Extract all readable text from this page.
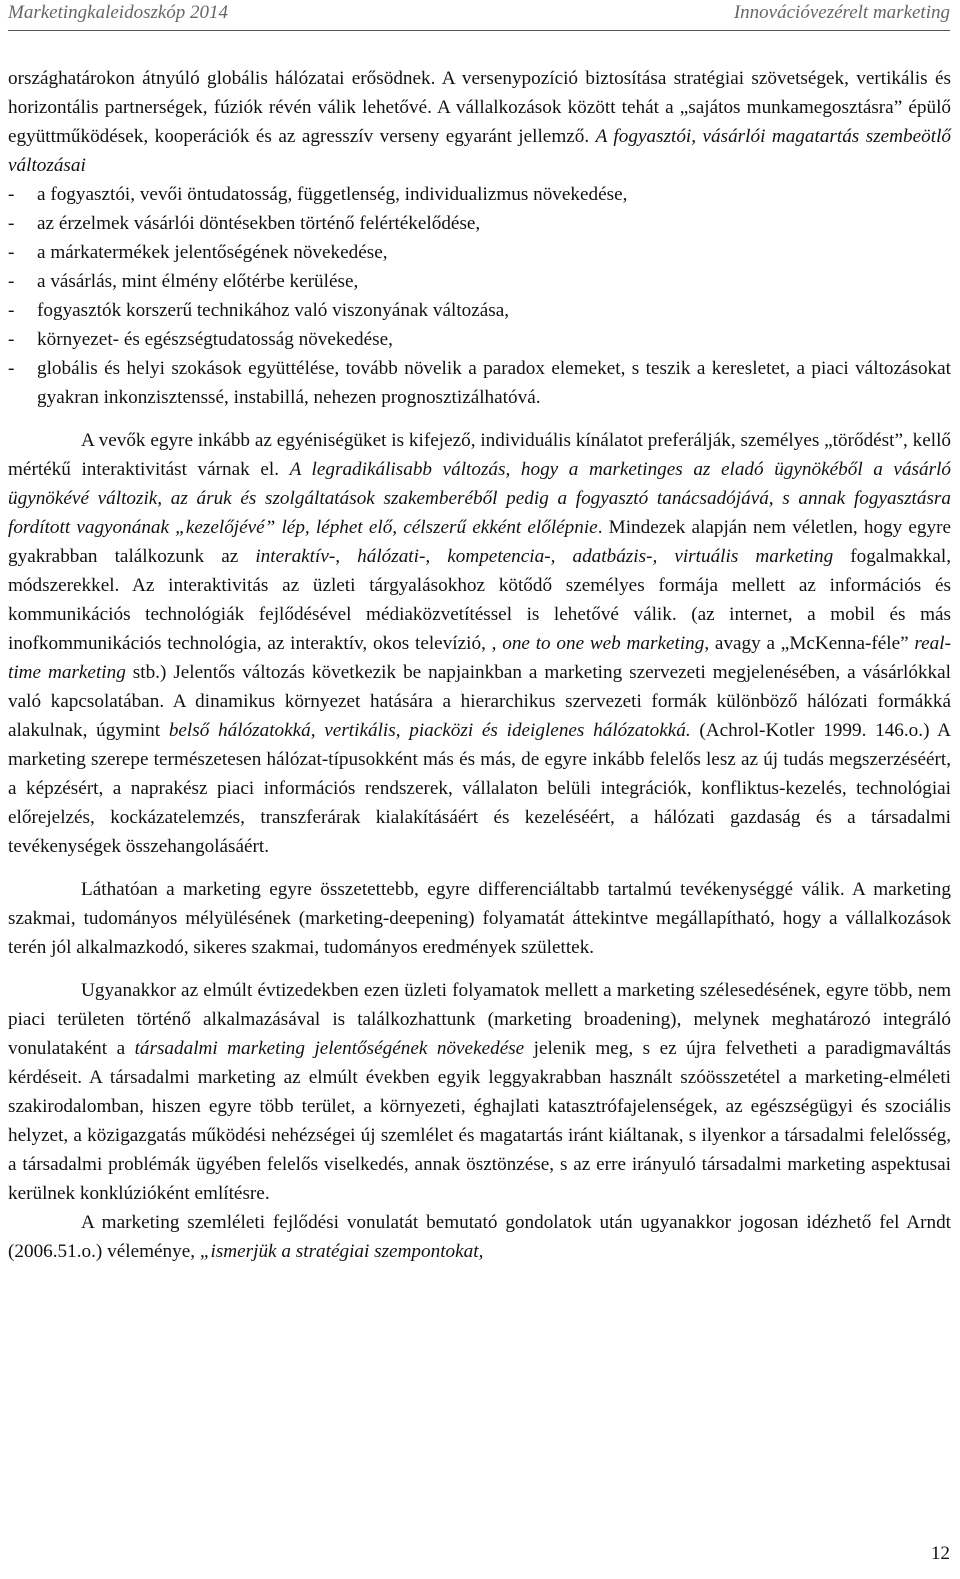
Marketingkaleidoszkóp 2014	Innovációvezérelt marketing

országhatárokon átnyúló globális hálózatai erősödnek. A versenypozíció biztosítása stratégiai szövetségek, vertikális és horizontális partnerségek, fúziók révén válik lehetővé. A vállalkozások között tehát a „sajátos munkamegosztásra” épülő együttműködések, kooperációk és az agresszív verseny egyaránt jellemző. A fogyasztói, vásárlói magatartás szembeötlő változásai

- a fogyasztói, vevői öntudatosság, függetlenség, individualizmus növekedése,
- az érzelmek vásárlói döntésekben történő felértékelődése,
- a márkatermékek jelentőségének növekedése,
- a vásárlás, mint élmény előtérbe kerülése,
- fogyasztók korszerű technikához való viszonyának változása,
- környezet- és egészségtudatosság növekedése,
- globális és helyi szokások együttélése, tovább növelik a paradox elemeket, s teszik a keresletet, a piaci változásokat gyakran inkonzisztenssé, instabillá, nehezen prognosztizálhatóvá.

A vevők egyre inkább az egyéniségüket is kifejező, individuális kínálatot preferálják, személyes „törődést”, kellő mértékű interaktivitást várnak el. A legradikálisabb változás, hogy a marketinges az eladó ügynökéből a vásárló ügynökévé változik, az áruk és szolgáltatások szakemberéből pedig a fogyasztó tanácsadójává, s annak fogyasztásra fordított vagyonának „kezelőjévé” lép, léphet elő, célszerű ekként előlépnie. Mindezek alapján nem véletlen, hogy egyre gyakrabban találkozunk az interaktív-, hálózati-, kompetencia-, adatbázis-, virtuális marketing fogalmakkal, módszerekkel. Az interaktivitás az üzleti tárgyalásokhoz kötődő személyes formája mellett az információs és kommunikációs technológiák fejlődésével médiaközvetítéssel is lehetővé válik. (az internet, a mobil és más inofkommunikációs technológia, az interaktív, okos televízió, , one to one web marketing, avagy a „McKenna-féle” real-time marketing stb.) Jelentős változás következik be napjainkban a marketing szervezeti megjelenésében, a vásárlókkal való kapcsolatában. A dinamikus környezet hatására a hierarchikus szervezeti formák különböző hálózati formákká alakulnak, úgymint belső hálózatokká, vertikális, piacközi és ideiglenes hálózatokká. (Achrol-Kotler 1999. 146.o.) A marketing szerepe természetesen hálózat-típusokként más és más, de egyre inkább felelős lesz az új tudás megszerzéséért, a képzésért, a naprakész piaci információs rendszerek, vállalaton belüli integrációk, konfliktus-kezelés, technológiai előrejelzés, kockázatelemzés, transzferárak kialakításáért és kezeléséért, a hálózati gazdaság és a társadalmi tevékenységek összehangolásáért.

Láthatóan a marketing egyre összetettebb, egyre differenciáltabb tartalmú tevékenységgé válik. A marketing szakmai, tudományos mélyülésének (marketing-deepening) folyamatát áttekintve megállapítható, hogy a vállalkozások terén jól alkalmazkodó, sikeres szakmai, tudományos eredmények születtek.

Ugyanakkor az elmúlt évtizedekben ezen üzleti folyamatok mellett a marketing szélesedésének, egyre több, nem piaci területen történő alkalmazásával is találkozhattunk (marketing broadening), melynek meghatározó integráló vonulataként a társadalmi marketing jelentőségének növekedése jelenik meg, s ez újra felvetheti a paradigmaváltás kérdéseit. A társadalmi marketing az elmúlt években egyik leggyakrabban használt szóösszetétel a marketing-elméleti szakirodalomban, hiszen egyre több terület, a környezeti, éghajlati katasztrófajelenségek, az egészségügyi és szociális helyzet, a közigazgatás működési nehézségei új szemlélet és magatartás iránt kiáltanak, s ilyenkor a társadalmi felelősség, a társadalmi problémák ügyében felelős viselkedés, annak ösztönzése, s az erre irányuló társadalmi marketing aspektusai kerülnek konklúzióként említésre.

A marketing szemléleti fejlődési vonulatát bemutató gondolatok után ugyanakkor jogosan idézhető fel Arndt (2006.51.o.) véleménye, „ismerjük a stratégiai szempontokat,

12
